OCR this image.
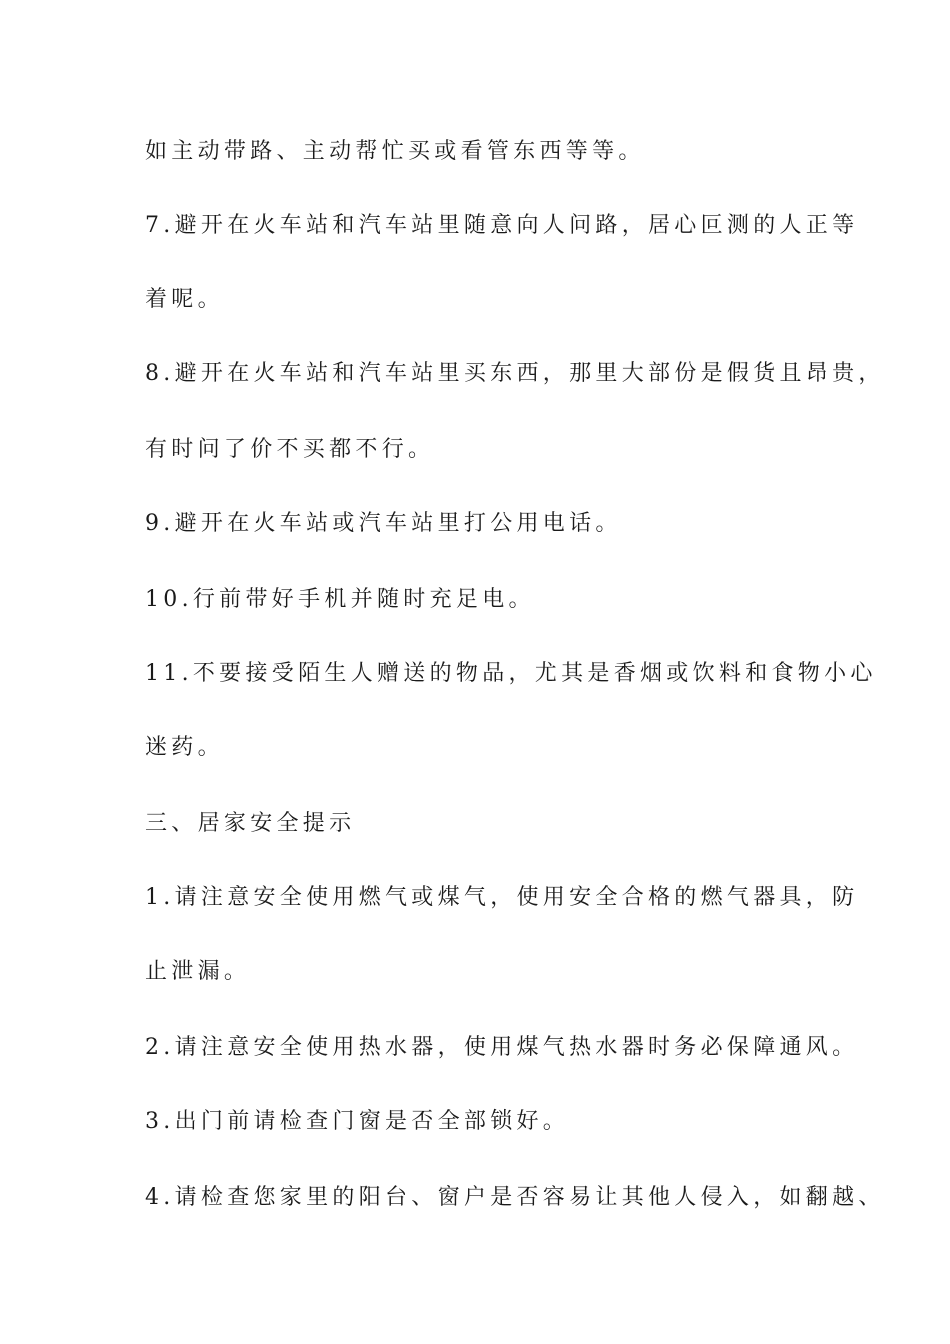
如主动带路、主动帮忙买或看管东西等等。
7.避开在火车站和汽车站里随意向人问路，居心叵测的人正等
着呢。
8.避开在火车站和汽车站里买东西，那里大部份是假货且昂贵，
有时问了价不买都不行。
9.避开在火车站或汽车站里打公用电话。
10.行前带好手机并随时充足电。
11.不要接受陌生人赠送的物品，尤其是香烟或饮料和食物小心
迷药。
三、居家安全提示
1.请注意安全使用燃气或煤气，使用安全合格的燃气器具，防
止泄漏。
2.请注意安全使用热水器，使用煤气热水器时务必保障通风。
3.出门前请检查门窗是否全部锁好。
4.请检查您家里的阳台、窗户是否容易让其他人侵入，如翻越、
